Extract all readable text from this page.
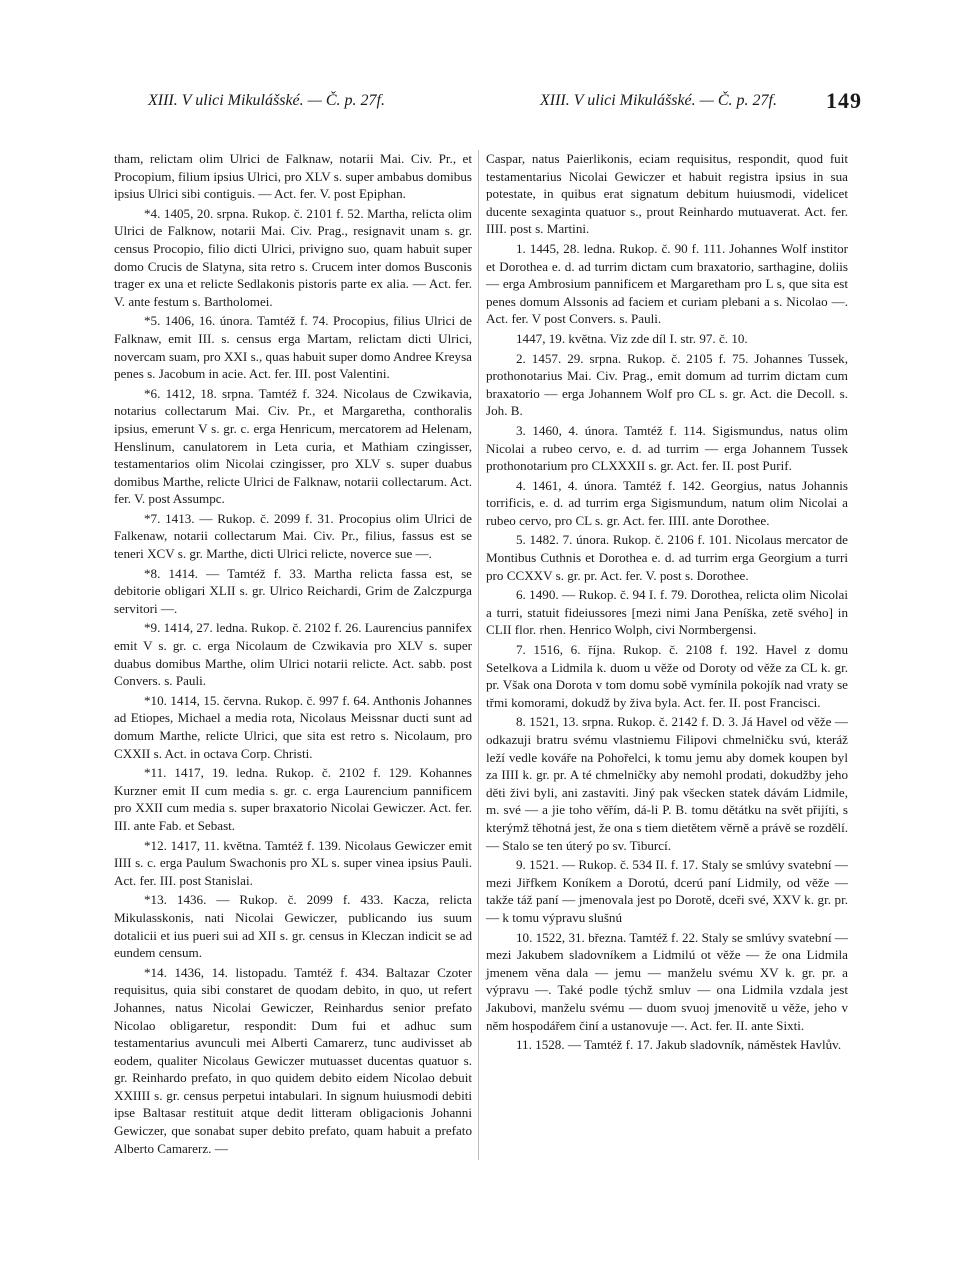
XIII. V ulici Mikulášské. — Č. p. 27f.	XIII. V ulici Mikulášské. — Č. p. 27f. 149

tham, relictam olim Ulrici de Falknaw, notarii Mai. Civ. Pr., et Procopium, filium ipsius Ulrici, pro XLV s. super ambabus domibus ipsius Ulrici sibi contiguis. — Act. fer. V. post Epiphan.

*4. 1405, 20. srpna. Rukop. č. 2101 f. 52. Martha, relicta olim Ulrici de Falknow, notarii Mai. Civ. Prag., resignavit unam s. gr. census Procopio, filio dicti Ulrici, privigno suo, quam habuit super domo Crucis de Slatyna, sita retro s. Crucem inter domos Busconis trager ex una et relicte Sedlakonis pistoris parte ex alia. — Act. fer. V. ante festum s. Bartholomei.

*5. 1406, 16. února. Tamtéž f. 74. Procopius, filius Ulrici de Falknaw, emit III. s. census erga Martam, relictam dicti Ulrici, novercam suam, pro XXI s., quas habuit super domo Andree Kreysa penes s. Jacobum in acie. Act. fer. III. post Valentini.

*6. 1412, 18. srpna. Tamtéž f. 324. Nicolaus de Czwikavia, notarius collectarum Mai. Civ. Pr., et Margaretha, conthoralis ipsius, emerunt V s. gr. c. erga Henricum, mercatorem ad Helenam, Henslinum, canulatorem in Leta curia, et Mathiam czingisser, testamentarios olim Nicolai czingisser, pro XLV s. super duabus domibus Marthe, relicte Ulrici de Falknaw, notarii collectarum. Act. fer. V. post Assumpc.

*7. 1413. — Rukop. č. 2099 f. 31. Procopius olim Ulrici de Falkenaw, notarii collectarum Mai. Civ. Pr., filius, fassus est se teneri XCV s. gr. Marthe, dicti Ulrici relicte, noverce sue —.

*8. 1414. — Tamtéž f. 33. Martha relicta fassa est, se debitorie obligari XLII s. gr. Ulrico Reichardi, Grim de Zalczpurga servitori —.

*9. 1414, 27. ledna. Rukop. č. 2102 f. 26. Laurencius pannifex emit V s. gr. c. erga Nicolaum de Czwikavia pro XLV s. super duabus domibus Marthe, olim Ulrici notarii relicte. Act. sabb. post Convers. s. Pauli.

*10. 1414, 15. června. Rukop. č. 997 f. 64. Anthonis Johannes ad Etiopes, Michael a media rota, Nicolaus Meissnar ducti sunt ad domum Marthe, relicte Ulrici, que sita est retro s. Nicolaum, pro CXXII s. Act. in octava Corp. Christi.

*11. 1417, 19. ledna. Rukop. č. 2102 f. 129. Kohannes Kurzner emit II cum media s. gr. c. erga Laurencium pannificem pro XXII cum media s. super braxatorio Nicolai Gewiczer. Act. fer. III. ante Fab. et Sebast.

*12. 1417, 11. května. Tamtéž f. 139. Nicolaus Gewiczer emit IIII s. c. erga Paulum Swachonis pro XL s. super vinea ipsius Pauli. Act. fer. III. post Stanislai.

*13. 1436. — Rukop. č. 2099 f. 433. Kacza, relicta Mikulasskonis, nati Nicolai Gewiczer, publicando ius suum dotalicii et ius pueri sui ad XII s. gr. census in Kleczan indicit se ad eundem censum.

*14. 1436, 14. listopadu. Tamtéž f. 434. Baltazar Czoter requisitus, quia sibi constaret de quodam debito, in quo, ut refert Johannes, natus Nicolai Gewiczer, Reinhardus senior prefato Nicolao obligaretur, respondit: Dum fui et adhuc sum testamentarius avunculi mei Alberti Camarerz, tunc audivisset ab eodem, qualiter Nicolaus Gewiczer mutuasset ducentas quatuor s. gr. Reinhardo prefato, in quo quidem debito eidem Nicolao debuit XXIIII s. gr. census perpetui intabulari. In signum huiusmodi debiti ipse Baltasar restituit atque dedit litteram obligacionis Johanni Gewiczer, que sonabat super debito prefato, quam habuit a prefato Alberto Camarerz. —

Caspar, natus Paierlikonis, eciam requisitus, respondit, quod fuit testamentarius Nicolai Gewiczer et habuit registra ipsius in sua potestate, in quibus erat signatum debitum huiusmodi, videlicet ducente sexaginta quatuor s., prout Reinhardo mutuaverat. Act. fer. IIII. post s. Martini.

1. 1445, 28. ledna. Rukop. č. 90 f. 111. Johannes Wolf institor et Dorothea e. d. ad turrim dictam cum braxatorio, sarthagine, doliis — erga Ambrosium pannificem et Margaretham pro L s, que sita est penes domum Alssonis ad faciem et curiam plebani a s. Nicolao —. Act. fer. V post Convers. s. Pauli.

1447, 19. května. Viz zde díl I. str. 97. č. 10.

2. 1457. 29. srpna. Rukop. č. 2105 f. 75. Johannes Tussek, prothonotarius Mai. Civ. Prag., emit domum ad turrim dictam cum braxatorio — erga Johannem Wolf pro CL s. gr. Act. die Decoll. s. Joh. B.

3. 1460, 4. února. Tamtéž f. 114. Sigismundus, natus olim Nicolai a rubeo cervo, e. d. ad turrim — erga Johannem Tussek prothonotarium pro CLXXXII s. gr. Act. fer. II. post Purif.

4. 1461, 4. února. Tamtéž f. 142. Georgius, natus Johannis torrificis, e. d. ad turrim erga Sigismundum, natum olim Nicolai a rubeo cervo, pro CL s. gr. Act. fer. IIII. ante Dorothee.

5. 1482. 7. února. Rukop. č. 2106 f. 101. Nicolaus mercator de Montibus Cuthnis et Dorothea e. d. ad turrim erga Georgium a turri pro CCXXV s. gr. pr. Act. fer. V. post s. Dorothee.

6. 1490. — Rukop. č. 94 I. f. 79. Dorothea, relicta olim Nicolai a turri, statuit fideiussores [mezi nimi Jana Peníška, zetě svého] in CLII flor. rhen. Henrico Wolph, civi Normbergensi.

7. 1516, 6. října. Rukop. č. 2108 f. 192. Havel z domu Setelkova a Lidmila k. duom u věže od Doroty od věže za CL k. gr. pr. Však ona Dorota v tom domu sobě vymínila pokojík nad vraty se třmi komorami, dokudž by živa byla. Act. fer. II. post Francisci.

8. 1521, 13. srpna. Rukop. č. 2142 f. D. 3. Já Havel od věže — odkazuji bratru svému vlastniemu Filipovi chmelničku svú, kteráž leží vedle kováře na Pohořelci, k tomu jemu aby domek koupen byl za IIII k. gr. pr. A té chmelničky aby nemohl prodati, dokudžby jeho děti živi byli, ani zastaviti. Jiný pak všecken statek dávám Lidmile, m. své — a jie toho věřím, dá-li P. B. tomu dětátku na svět přijíti, s kterýmž těhotná jest, že ona s tiem dietětem věrně a právě se rozdělí. — Stalo se ten úterý po sv. Tiburcí.

9. 1521. — Rukop. č. 534 II. f. 17. Staly se smlúvy svatební — mezi Jiřfkem Koníkem a Dorotú, dcerú paní Lidmily, od věže — takže táž paní — jmenovala jest po Dorotě, dceři své, XXV k. gr. pr. — k tomu výpravu slušnú

10. 1522, 31. března. Tamtéž f. 22. Staly se smlúvy svatební — mezi Jakubem sladovníkem a Lidmilú ot věže — že ona Lidmila jmenem věna dala — jemu — manželu svému XV k. gr. pr. a výpravu —. Také podle týchž smluv — ona Lidmila vzdala jest Jakubovi, manželu svému — duom svuoj jmenovitě u věže, jeho v něm hospodářem činí a ustanovuje —. Act. fer. II. ante Sixti.

11. 1528. — Tamtéž f. 17. Jakub sladovník, náměstek Havlův.
